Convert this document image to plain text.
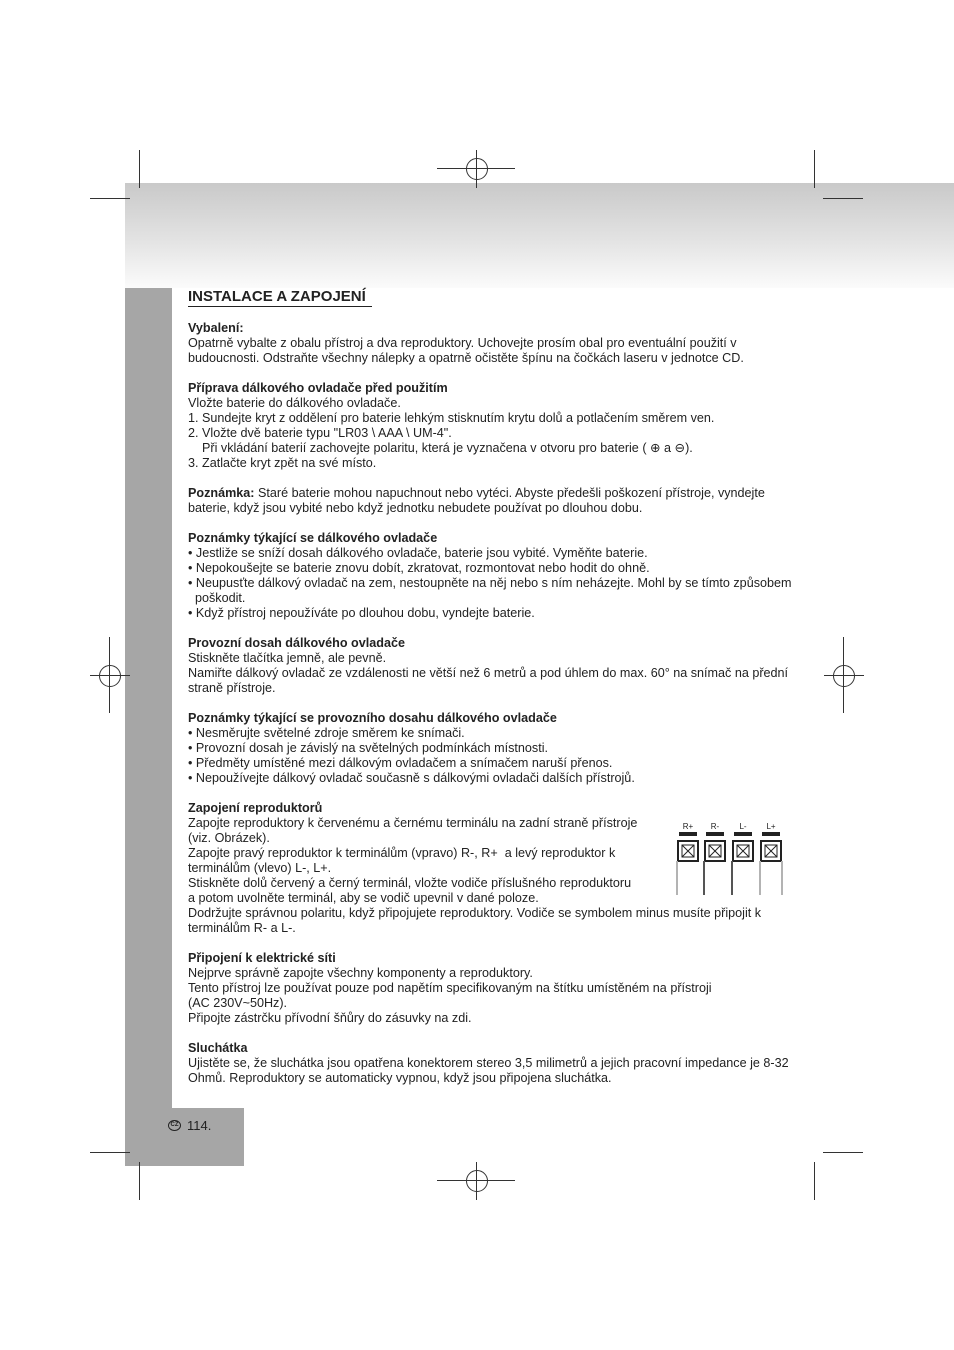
INSTALACE A ZAPOJENÍ
Vybalení:
Opatrně vybalte z obalu přístroj a dva reproduktory. Uchovejte prosím obal pro eventuální použití v
budoucnosti. Odstraňte všechny nálepky a opatrně očistěte špínu na čočkách laseru v jednotce CD.
Příprava dálkového ovladače před použitím
Vložte baterie do dálkového ovladače.
1. Sundejte kryt z oddělení pro baterie lehkým stisknutím krytu dolů a potlačením směrem ven.
2. Vložte dvě baterie typu "LR03 \ AAA \ UM-4".
Při vkládání baterií zachovejte polaritu, která je vyznačena v otvoru pro baterie ( ⊕ a ⊖).
3. Zatlačte kryt zpět na své místo.
Poznámka: Staré baterie mohou napuchnout nebo vytéci. Abyste předešli poškození přístroje, vyndejte
baterie, když jsou vybité nebo když jednotku nebudete používat po dlouhou dobu.
Poznámky týkající se dálkového ovladače
• Jestliže se sníží dosah dálkového ovladače, baterie jsou vybité. Vyměňte baterie.
• Nepokoušejte se baterie znovu dobít, zkratovat, rozmontovat nebo hodit do ohně.
• Neupusťte dálkový ovladač na zem, nestoupněte na něj nebo s ním neházejte. Mohl by se tímto způsobem
poškodit.
• Když přístroj nepoužíváte po dlouhou dobu, vyndejte baterie.
Provozní dosah dálkového ovladače
Stiskněte tlačítka jemně, ale pevně.
Namiřte dálkový ovladač ze vzdálenosti ne větší než 6 metrů a pod úhlem do max. 60° na snímač na přední
straně přístroje.
Poznámky týkající se provozního dosahu dálkového ovladače
• Nesměrujte světelné zdroje směrem ke snímači.
• Provozní dosah je závislý na světelných podmínkách místnosti.
• Předměty umístěné mezi dálkovým ovladačem a snímačem naruší přenos.
• Nepoužívejte dálkový ovladač současně s dálkovými ovladači dalších přístrojů.
Zapojení reproduktorů
Zapojte reproduktory k červenému a černému terminálu na zadní straně přístroje
(viz. Obrázek).
Zapojte pravý reproduktor k terminálům (vpravo) R-, R+  a levý reproduktor k
terminálům (vlevo) L-, L+.
Stiskněte dolů červený a černý terminál, vložte vodiče příslušného reproduktoru
a potom uvolněte terminál, aby se vodič upevnil v dané poloze.
Dodržujte správnou polaritu, když připojujete reproduktory. Vodiče se symbolem minus musíte připojit k
terminálům R- a L-.
Připojení k elektrické síti
Nejprve správně zapojte všechny komponenty a reproduktory.
Tento přístroj lze používat pouze pod napětím specifikovaným na štítku umístěném na přístroji
(AC 230V~50Hz).
Připojte zástrčku přívodní šňůry do zásuvky na zdi.
Sluchátka
Ujistěte se, že sluchátka jsou opatřena konektorem stereo 3,5 milimetrů a jejich pracovní impedance je 8-32
Ohmů. Reproduktory se automaticky vypnou, když jsou připojena sluchátka.
R+ R-	L- L+
CZ 114.
